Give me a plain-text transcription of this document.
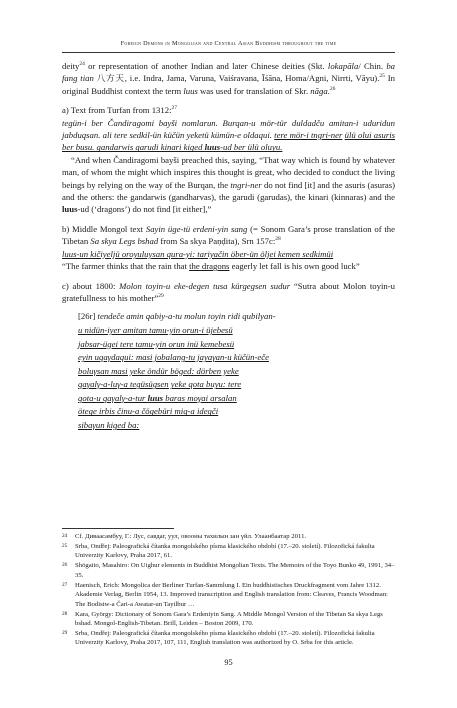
Foreign Demons in Mongolian and Central Asian Buddhism throughout the time

deity$^{24}$ or representation of another Indian and later Chinese deities (Skt. lokapāla/ Chin. ba fang tian 八方天, i.e. Indra, Jama, Varuna, Vaiśravana, Īśāna, Homa/Agni, Nirrti, Vāyu).$^{25}$ In original Buddhist context the term luus was used for translation of Skr. nāga.$^{26}$

a) Text from Turfan from 1312:$^{27}$

tegün-i ber Čandiragomi bayši nomlarun. Burqan-u mör-tür duldadču amitan-i uduridun jabduqsan. ali tere sedkil-ün küčün yeketü kümün-e oldaqui. tere mör-i tngri-ner ülü olui asuris ber busu. gandarwis garudi kinari kiged luus-ud ber ülü oluyu.

“And when Čandiragomi bayši preached this, saying, “That way which is found by whatever man, of whom the might which inspires this thought is great, who decided to conduct the living beings by relying on the way of the Burqan, the tngri-ner do not find [it] and the asuris (asuras) and the others: the gandarwis (gandharvas), the garudi (garudas), the kinari (kinnaras) and the luus-ud (‘dragons’) do not find [it either],”

b) Middle Mongol text Sayin üge-tü erdeni-yin sang (= Sonom Gara’s prose translation of the Tibetan Sa skya Legs bshad from Sa skya Paṇḍita), Srn 157c:$^{28}$

luus-un kičiyeljü oroyuluysan qura-yi: tariyačin öber-ün öljei kemen sedkimüi

“The farmer thinks that the rain that the dragons eagerly let fall is his own good luck”

c) about 1800: Molon toyin-u eke-degen tusa kürgegsen sudur “Sutra about Molon toyin-u gratefullness to his mother”$^{29}$

[26r] tendeče amin qabiy-a-tu molun toyin ridi qubilyan-
u nidün-iyer amitan tamu-yin orun-i üjebesü
jabsar-ügei tere tamu-yin orun inü kemebesü
eyin uqaγdaqui: masi jobalang-tu jayaγan-u küčün-eče
boluγsan masi yeke öndür böged: dörben yeke
qaγalγ-a-luγ-a tegüsügsen yeke qota buyu: tere
qota-u qaγalγ-a-tur luus baras moγai arsalan
ötege irbis činu-a čögebüri miq-a idegči
sibaγun kiged ba:
24	Cf. Дивааcамбуу, Г.: Лус, савдаг, уул, овооны тахилын зан үйл. Улаанбаатар 2011.
25	Srba, Ondřej: Paleografická čítanka mongolského písma klasického období (17.–20. století). Filozofická fakulta Univerzity Karlovy, Praha 2017, 61.
26	Shōgaito, Masahiro: On Uighur elements in Buddhist Mongolian Texts. The Memoirs of the Toyo Bunko 49, 1991, 34–35.
27	Haenisch, Erich: Mongolica der Berliner Turfan-Sammlung I. Ein buddhistisches Druckfragment vom Jahre 1312. Akademie Verlag, Berlin 1954, 13. Improved transcription and English translation from: Cleaves, Francis Woodman: The Bodistw-a Čari-a Awatar-un Tayilbur …
28	Kara, György: Dictionary of Sonom Gara’s Erdeniyin Sang. A Middle Mongol Version of the Tibetan Sa skya Legs bshad. Mongol-English-Tibetan. Brill, Leiden – Boston 2009, 170.
29	Srba, Ondřej: Paleografická čítanka mongolského písma klasického období (17.–20. století). Filozofická fakulta Univerzity Karlovy, Praha 2017, 107, 111, English translation was authorized by O. Srba for this article.
95
